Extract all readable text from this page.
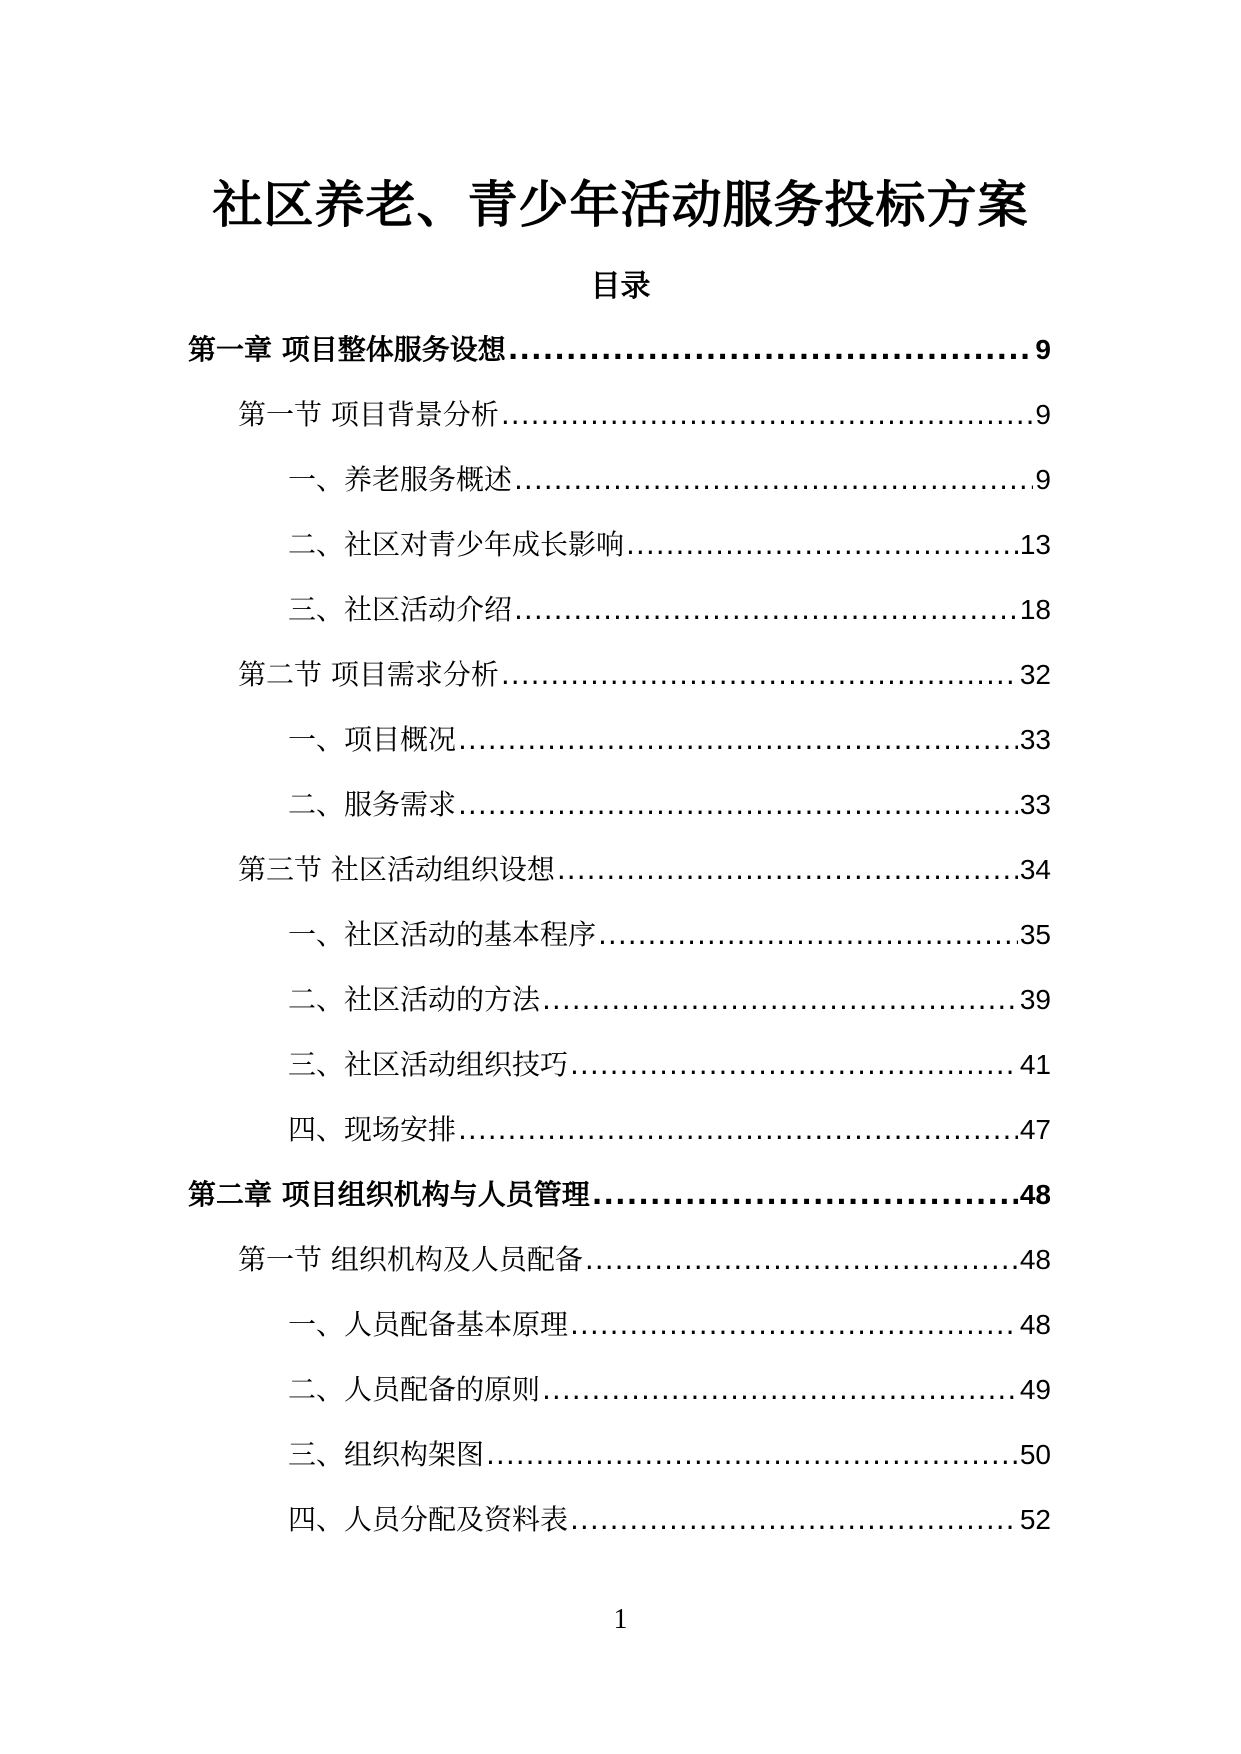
社区养老、青少年活动服务投标方案
目录
第一章 项目整体服务设想 .....	9
第一节 项目背景分析 .....	9
一、养老服务概述 .....	9
二、社区对青少年成长影响 .....	13
三、社区活动介绍 .....	18
第二节 项目需求分析 .....	32
一、项目概况 .....	33
二、服务需求 .....	33
第三节 社区活动组织设想 .....	34
一、社区活动的基本程序 .....	35
二、社区活动的方法 .....	39
三、社区活动组织技巧 .....	41
四、现场安排 .....	47
第二章 项目组织机构与人员管理 .....	48
第一节 组织机构及人员配备 .....	48
一、人员配备基本原理 .....	48
二、人员配备的原则 .....	49
三、组织构架图 .....	50
四、人员分配及资料表 .....	52
1
